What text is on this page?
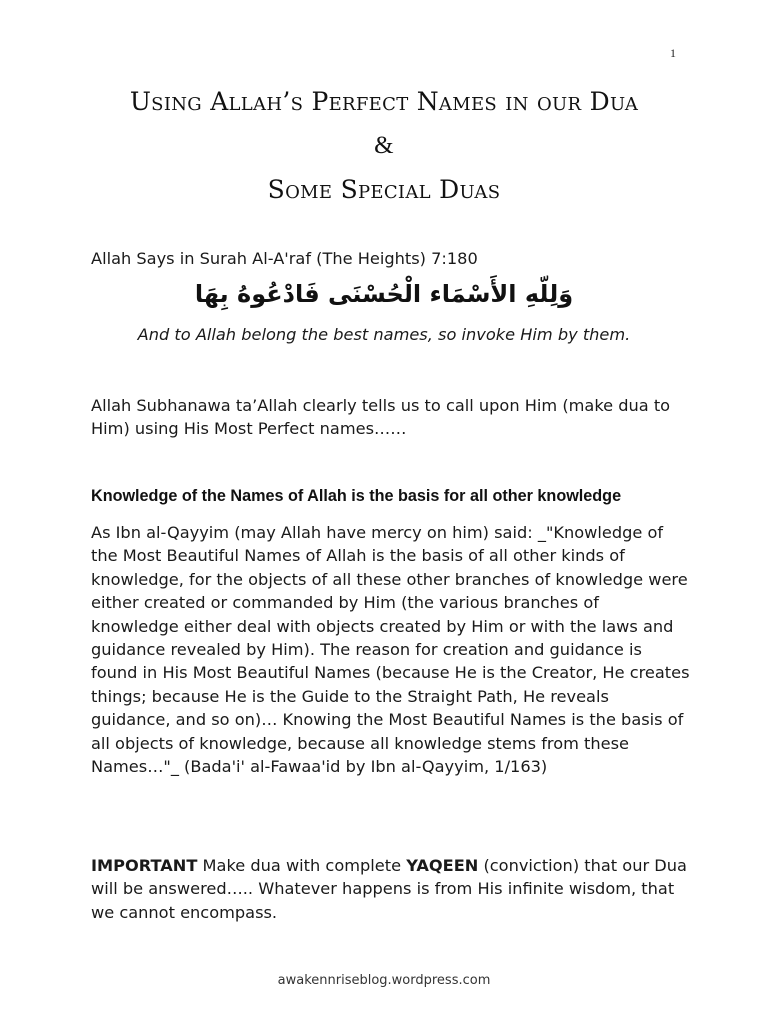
1
Using Allah’s Perfect Names in our Dua
&
Some Special Duas
Allah Says in Surah Al-A'raf (The Heights) 7:180
وَلِلّهِ الأَسْمَاء الْحُسْنَى فَادْعُوهُ بِهَا
And to Allah belong the best names, so invoke Him by them.
Allah Subhanawa ta’Allah clearly tells us to call upon Him (make dua to Him) using His Most Perfect names……
Knowledge of the Names of Allah is the basis for all other knowledge
As Ibn al-Qayyim (may Allah have mercy on him) said: _"Knowledge of the Most Beautiful Names of Allah is the basis of all other kinds of knowledge, for the objects of all these other branches of knowledge were either created or commanded by Him (the various branches of knowledge either deal with objects created by Him or with the laws and guidance revealed by Him). The reason for creation and guidance is found in His Most Beautiful Names (because He is the Creator, He creates things; because He is the Guide to the Straight Path, He reveals guidance, and so on)… Knowing the Most Beautiful Names is the basis of all objects of knowledge, because all knowledge stems from these Names…"_ (Bada'i' al-Fawaa'id by Ibn al-Qayyim, 1/163)
IMPORTANT Make dua with complete YAQEEN (conviction) that our Dua will be answered….. Whatever happens is from His infinite wisdom, that we cannot encompass.
awakennriseblog.wordpress.com
